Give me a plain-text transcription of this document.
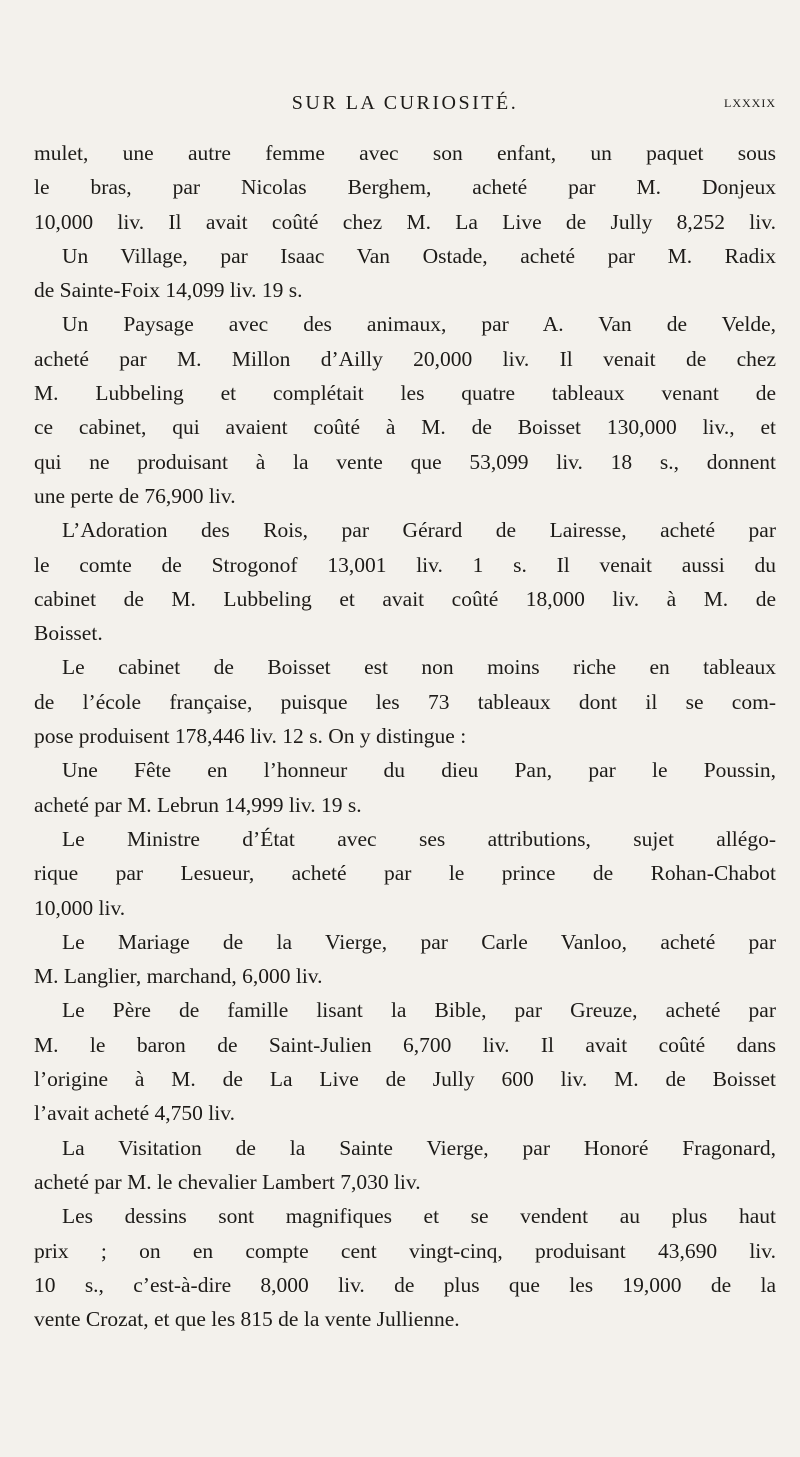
SUR LA CURIOSITÉ.	LXXXIX
mulet, une autre femme avec son enfant, un paquet sous
le bras, par Nicolas Berghem, acheté par M. Donjeux
10,000 liv. Il avait coûté chez M. La Live de Jully 8,252 liv.
Un Village, par Isaac Van Ostade, acheté par M. Radix
de Sainte-Foix 14,099 liv. 19 s.
Un Paysage avec des animaux, par A. Van de Velde,
acheté par M. Millon d’Ailly 20,000 liv. Il venait de chez
M. Lubbeling et complétait les quatre tableaux venant de
ce cabinet, qui avaient coûté à M. de Boisset 130,000 liv., et
qui ne produisant à la vente que 53,099 liv. 18 s., donnent
une perte de 76,900 liv.
L’Adoration des Rois, par Gérard de Lairesse, acheté par
le comte de Strogonof 13,001 liv. 1 s. Il venait aussi du
cabinet de M. Lubbeling et avait coûté 18,000 liv. à M. de
Boisset.
Le cabinet de Boisset est non moins riche en tableaux
de l’école française, puisque les 73 tableaux dont il se com-
pose produisent 178,446 liv. 12 s. On y distingue :
Une Fête en l’honneur du dieu Pan, par le Poussin,
acheté par M. Lebrun 14,999 liv. 19 s.
Le Ministre d’État avec ses attributions, sujet allégo-
rique par Lesueur, acheté par le prince de Rohan-Chabot
10,000 liv.
Le Mariage de la Vierge, par Carle Vanloo, acheté par
M. Langlier, marchand, 6,000 liv.
Le Père de famille lisant la Bible, par Greuze, acheté par
M. le baron de Saint-Julien 6,700 liv. Il avait coûté dans
l’origine à M. de La Live de Jully 600 liv. M. de Boisset
l’avait acheté 4,750 liv.
La Visitation de la Sainte Vierge, par Honoré Fragonard,
acheté par M. le chevalier Lambert 7,030 liv.
Les dessins sont magnifiques et se vendent au plus haut
prix ; on en compte cent vingt-cinq, produisant 43,690 liv.
10 s., c’est-à-dire 8,000 liv. de plus que les 19,000 de la
vente Crozat, et que les 815 de la vente Jullienne.
